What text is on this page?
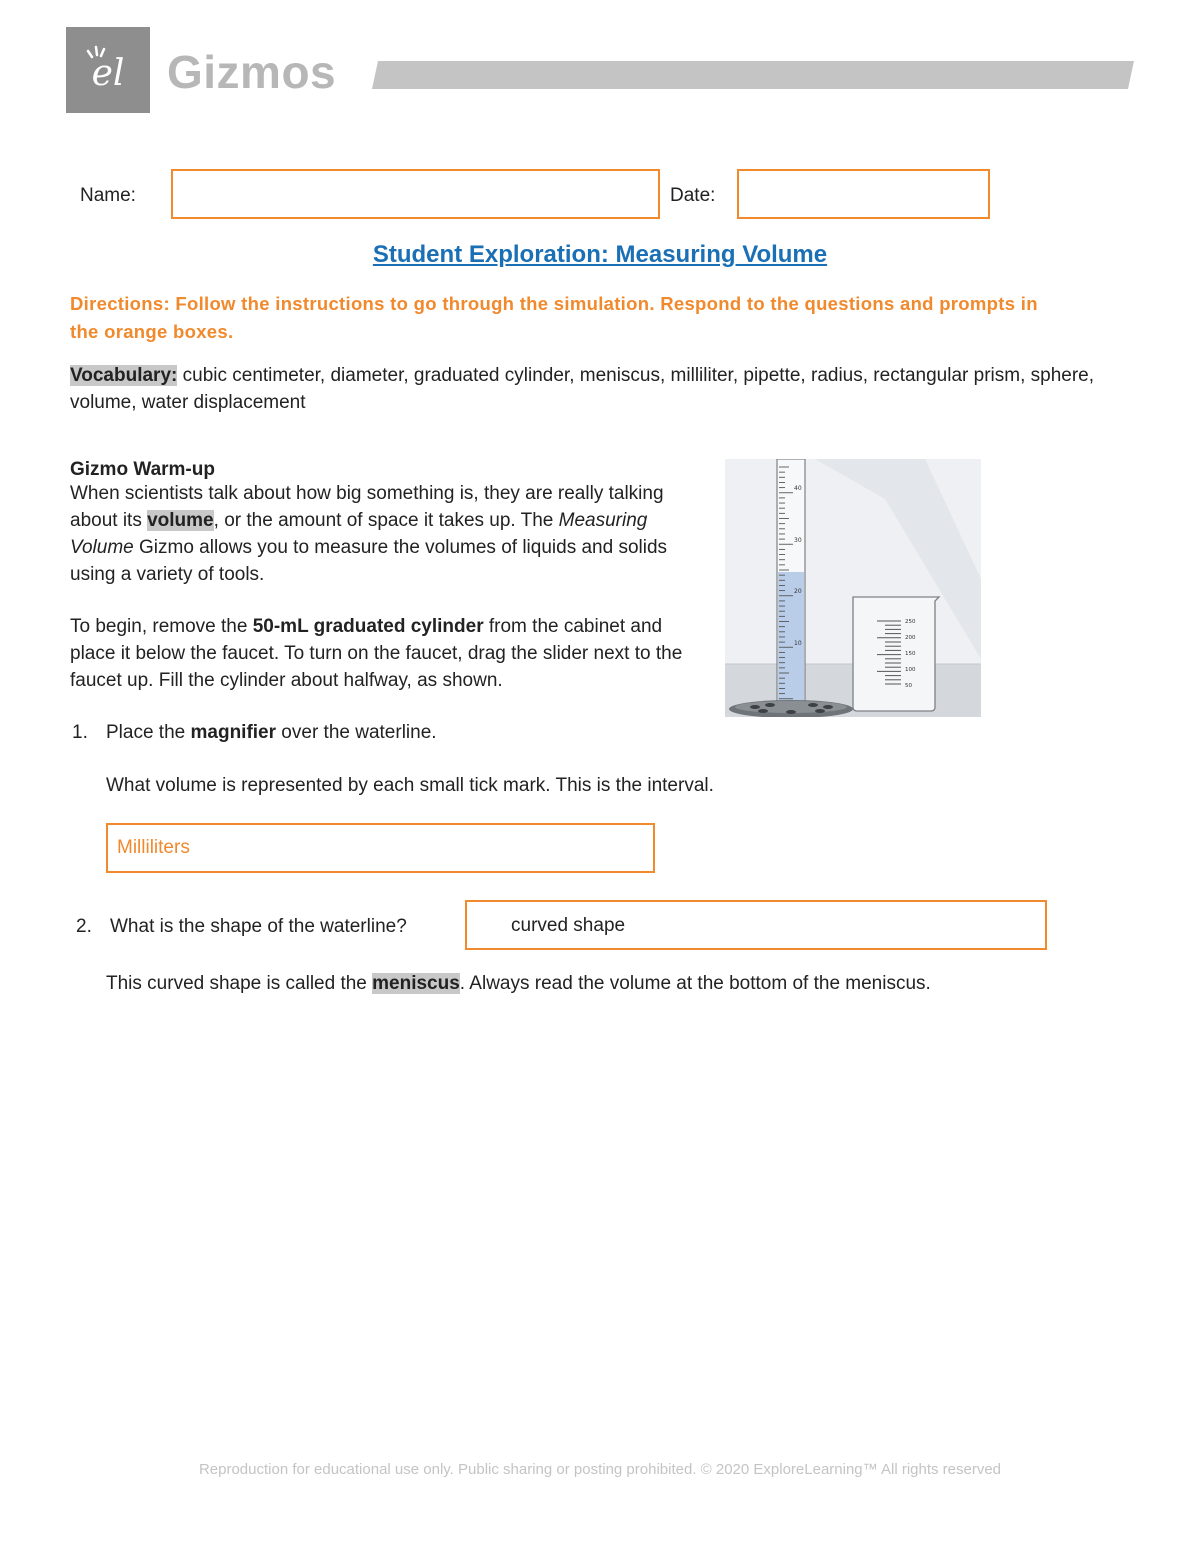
el Gizmos
Name:	Date:
Student Exploration: Measuring Volume
Directions: Follow the instructions to go through the simulation. Respond to the questions and prompts in the orange boxes.
Vocabulary: cubic centimeter, diameter, graduated cylinder, meniscus, milliliter, pipette, radius, rectangular prism, sphere, volume, water displacement
Gizmo Warm-up
When scientists talk about how big something is, they are really talking about its volume, or the amount of space it takes up. The Measuring Volume Gizmo allows you to measure the volumes of liquids and solids using a variety of tools.
To begin, remove the 50-mL graduated cylinder from the cabinet and place it below the faucet. To turn on the faucet, drag the slider next to the faucet up. Fill the cylinder about halfway, as shown.
40
30
20
10
250
200
150
100
50
1. Place the magnifier over the waterline.
What volume is represented by each small tick mark. This is the interval.
Milliliters
2. What is the shape of the waterline?	curved shape
This curved shape is called the meniscus. Always read the volume at the bottom of the meniscus.
Reproduction for educational use only. Public sharing or posting prohibited. © 2020 ExploreLearning™ All rights reserved
